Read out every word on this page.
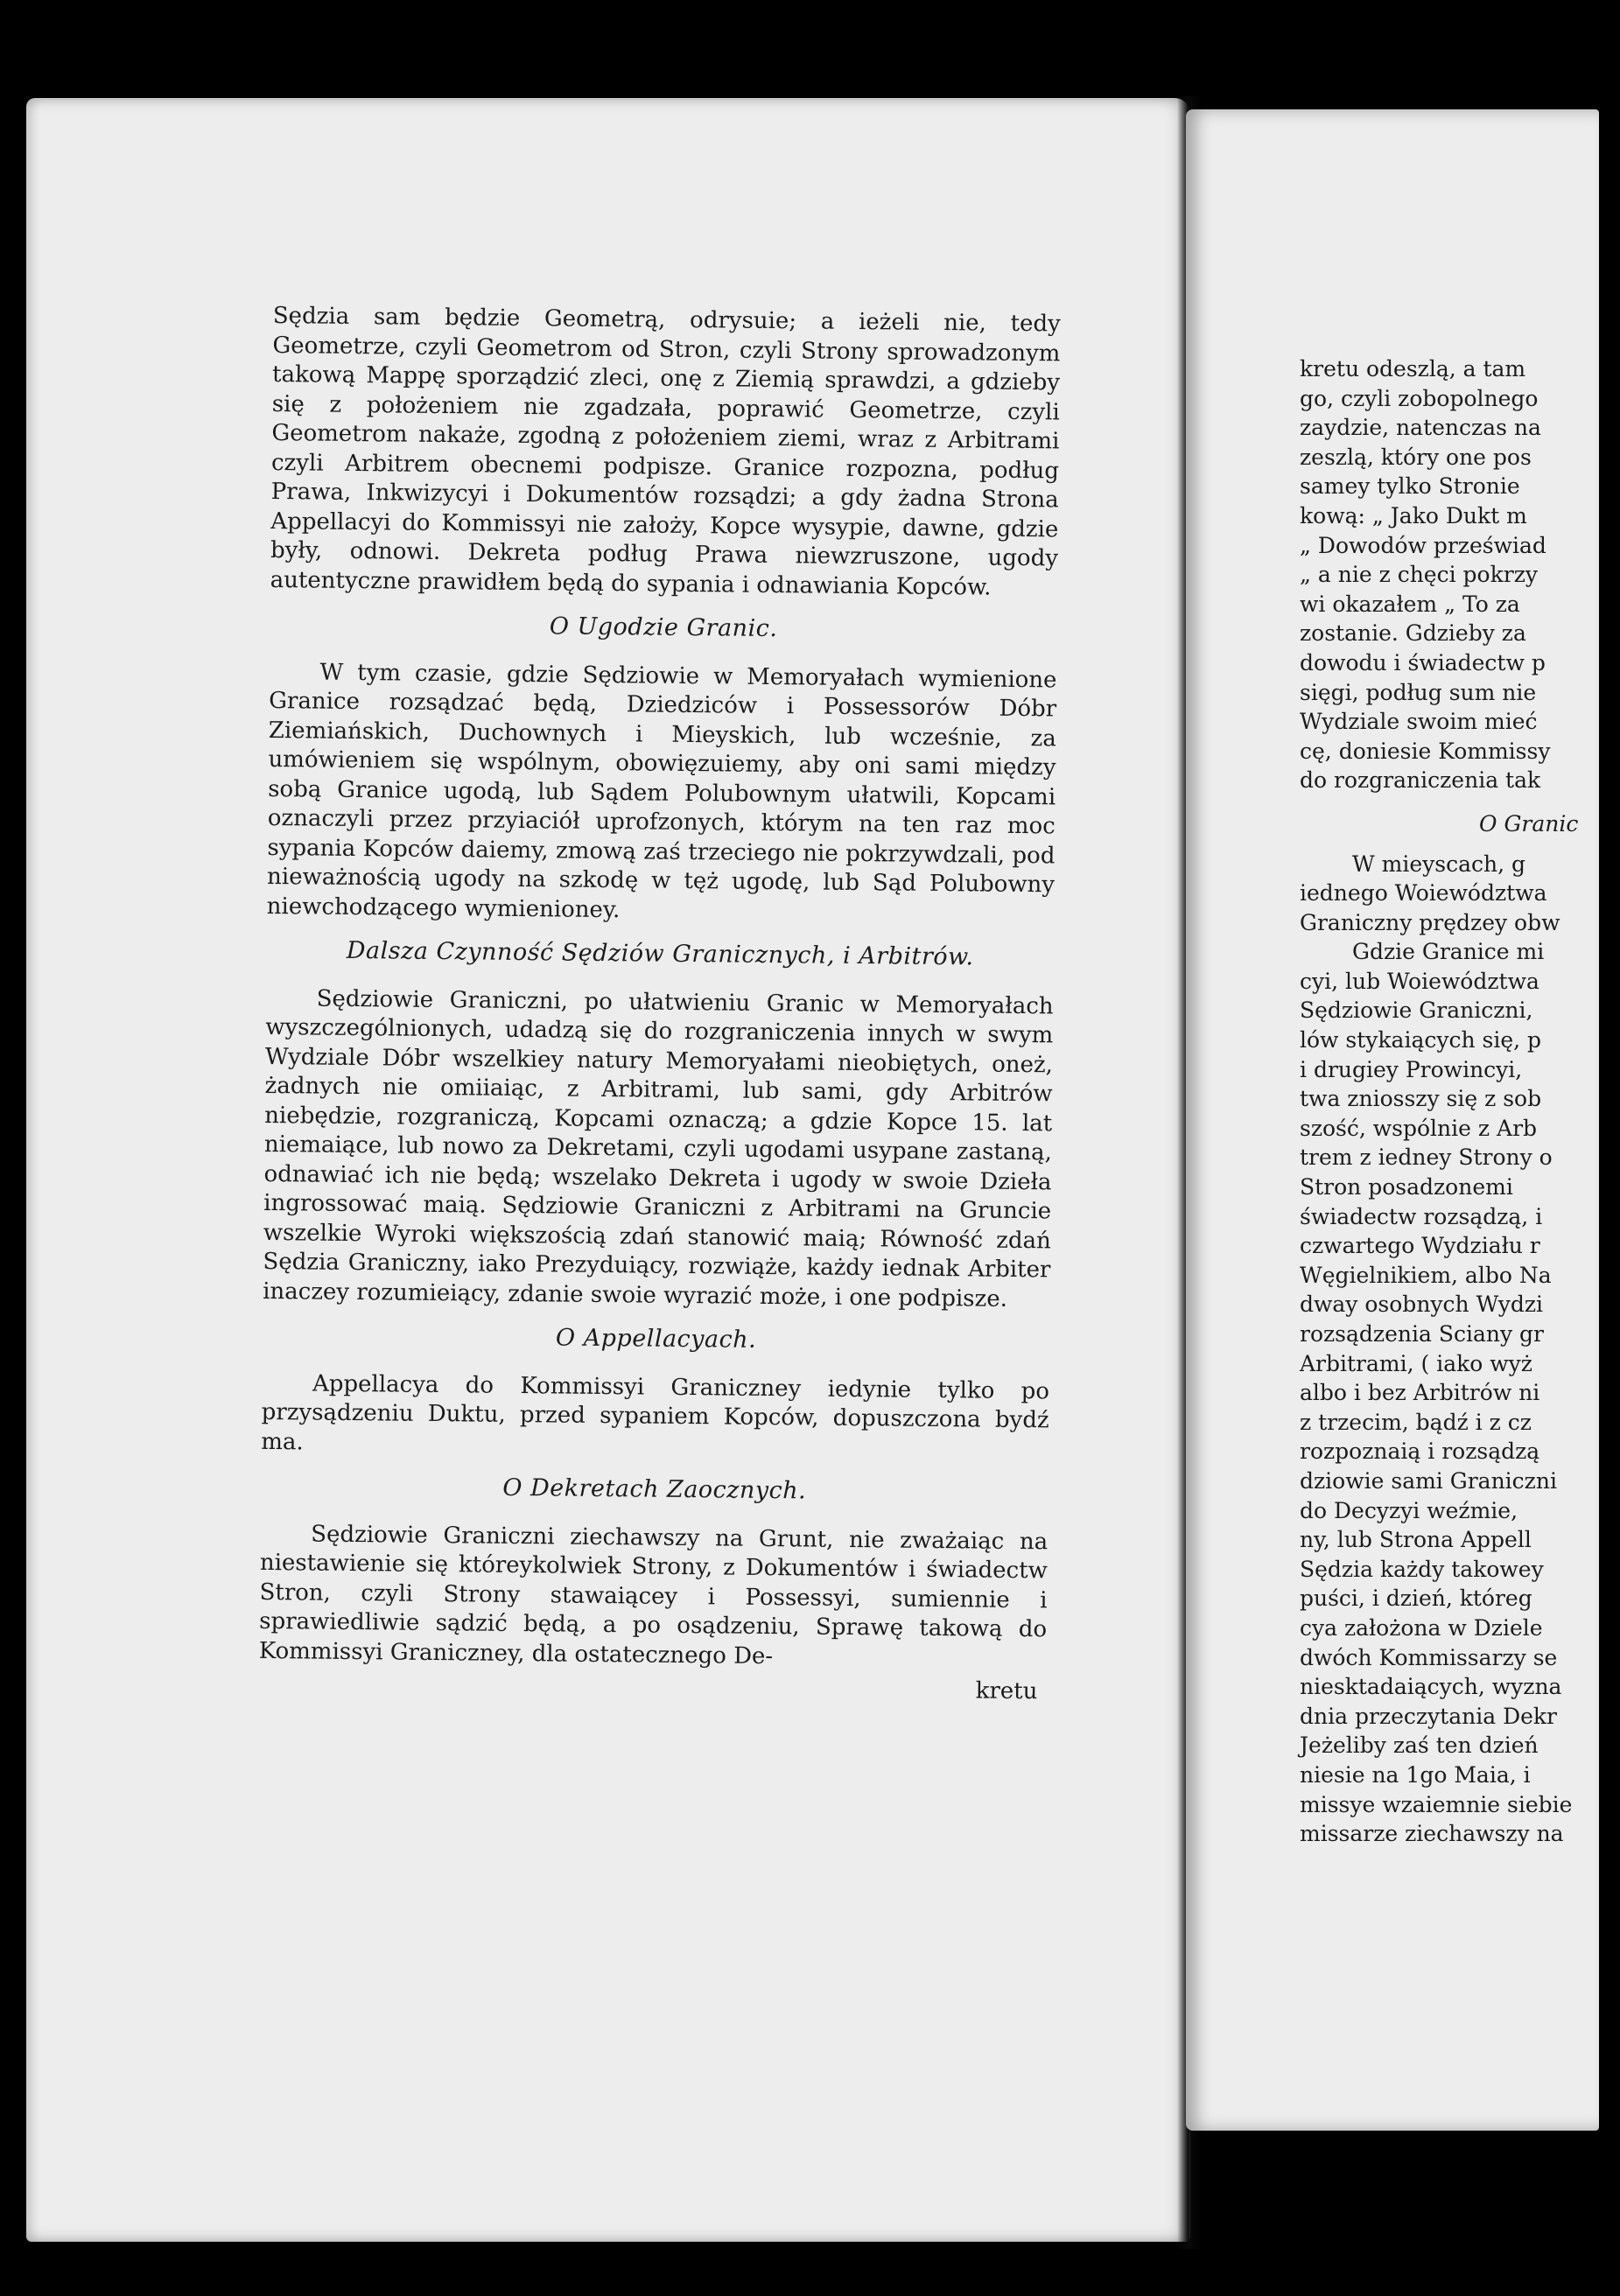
Sędzia sam będzie Geometrą, odrysuie; a ieżeli nie, tedy Geometrze, czyli Geometrom od Stron, czyli Strony sprowadzonym takową Mappę sporządzić zleci, onę z Ziemią sprawdzi, a gdzieby się z położeniem nie zgadzała, poprawić Geometrze, czyli Geometrom nakaże, zgodną z położeniem ziemi, wraz z Arbitrami czyli Arbitrem obecnemi podpisze. Granice rozpozna, podług Prawa, Inkwizycyi i Dokumentów rozsądzi; a gdy żadna Strona Appellacyi do Kommissyi nie założy, Kopce wysypie, dawne, gdzie były, odnowi. Dekreta podług Prawa niewzruszone, ugody autentyczne prawidłem będą do sypania i odnawiania Kopców.

O Ugodzie Granic.

W tym czasie, gdzie Sędziowie w Memoryałach wymienione Granice rozsądzać będą, Dziedziców i Possessorów Dóbr Ziemiańskich, Duchownych i Mieyskich, lub wcześnie, za umówieniem się wspólnym, obowięzuiemy, aby oni sami między sobą Granice ugodą, lub Sądem Polubownym ułatwili, Kopcami oznaczyli przez przyiaciół uprofzonych, którym na ten raz moc sypania Kopców daiemy, zmową zaś trzeciego nie pokrzywdzali, pod nieważnością ugody na szkodę w tęż ugodę, lub Sąd Polubowny niewchodzącego wymienioney.

Dalsza Czynność Sędziów Granicznych, i Arbitrów.

Sędziowie Graniczni, po ułatwieniu Granic w Memoryałach wyszczególnionych, udadzą się do rozgraniczenia innych w swym Wydziale Dóbr wszelkiey natury Memoryałami nieobiętych, oneż, żadnych nie omiiaiąc, z Arbitrami, lub sami, gdy Arbitrów niebędzie, rozgraniczą, Kopcami oznaczą; a gdzie Kopce 15. lat niemaiące, lub nowo za Dekretami, czyli ugodami usypane zastaną, odnawiać ich nie będą; wszelako Dekreta i ugody w swoie Dzieła ingrossować maią. Sędziowie Graniczni z Arbitrami na Gruncie wszelkie Wyroki większością zdań stanowić maią; Równość zdań Sędzia Graniczny, iako Prezyduiący, rozwiąże, każdy iednak Arbiter inaczey rozumieiący, zdanie swoie wyrazić może, i one podpisze.

O Appellacyach.

Appellacya do Kommissyi Graniczney iedynie tylko po przysądzeniu Duktu, przed sypaniem Kopców, dopuszczona bydź ma.

O Dekretach Zaocznych.

Sędziowie Graniczni ziechawszy na Grunt, nie zważaiąc na niestawienie się któreykolwiek Strony, z Dokumentów i świadectw Stron, czyli Strony stawaiącey i Possessyi, sumiennie i sprawiedliwie sądzić będą, a po osądzeniu, Sprawę takową do Kommissyi Graniczney, dla ostatecznego De-

kretu
kretu odeszlą, a tam
go, czyli zobopolnego
zaydzie, natenczas na
zeszlą, który one pos
samey tylko Stronie
kową: „ Jako Dukt m
„ Dowodów przeświad
„ a nie z chęci pokrzy
wi okazałem „ To za
zostanie. Gdzieby za
dowodu i świadectw p
sięgi, podług sum nie
Wydziale swoim mieć
cę, doniesie Kommissy
do rozgraniczenia tak
O Granic
W mieyscach, g
iednego Woiewództwa
Graniczny prędzey obw
Gdzie Granice mi
cyi, lub Woiewództwa
Sędziowie Graniczni,
lów stykaiących się, p
i drugiey Prowincyi,
twa zniosszy się z sob
szość, wspólnie z Arb
trem z iedney Strony o
Stron posadzonemi
świadectw rozsądzą, i
czwartego Wydziału r
Węgielnikiem, albo Na
dway osobnych Wydzi
rozsądzenia Sciany gr
Arbitrami, ( iako wyż
albo i bez Arbitrów ni
z trzecim, bądź i z cz
rozpoznaią i rozsądzą
dziowie sami Graniczni
do Decyzyi weźmie,
ny, lub Strona Appell
Sędzia każdy takowey
puści, i dzień, któreg
cya założona w Dziele
dwóch Kommissarzy se
niesktadaiących, wyzna
dnia przeczytania Dekr
Jeżeliby zaś ten dzień
niesie na 1go Maia, i
missye wzaiemnie siebie
missarze ziechawszy na
